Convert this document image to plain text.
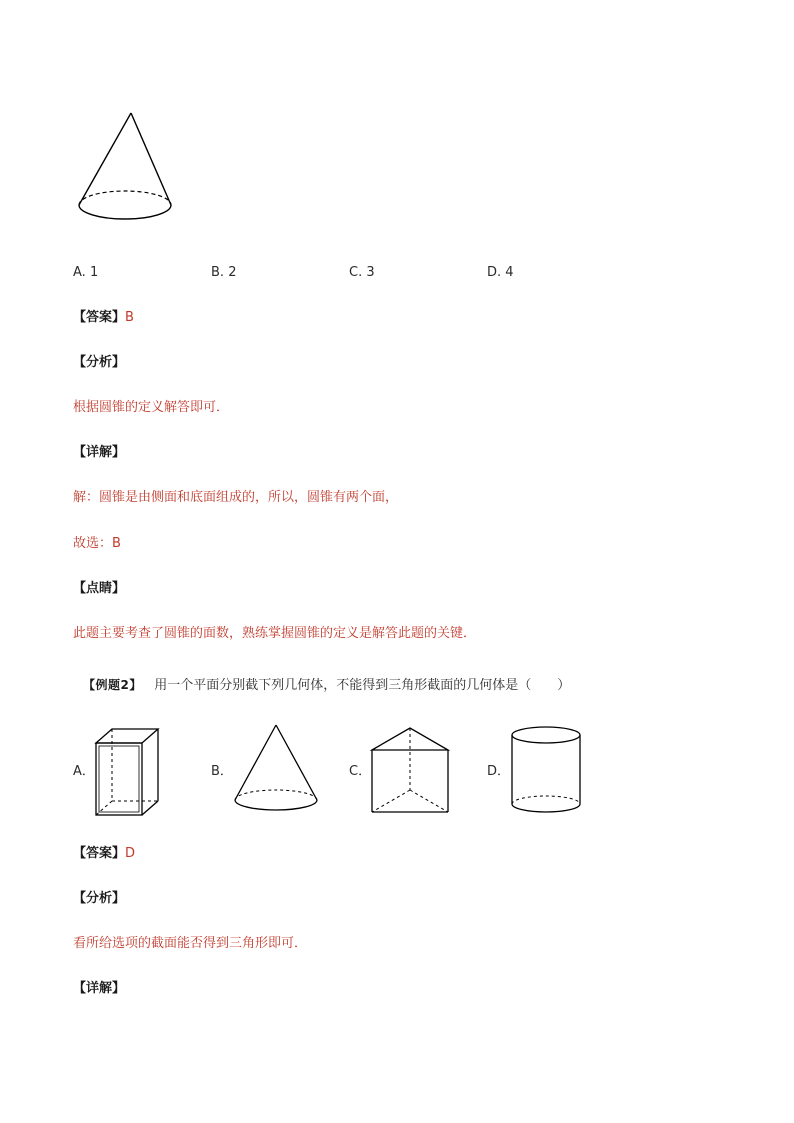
A. 1	B. 2	C. 3	D. 4
【答案】B
【分析】
根据圆锥的定义解答即可．
【详解】
解：圆锥是由侧面和底面组成的，所以，圆锥有两个面，
故选：B
【点睛】
此题主要考查了圆锥的面数，熟练掌握圆锥的定义是解答此题的关键．
【例题2】 用一个平面分别截下列几何体，不能得到三角形截面的几何体是（　　）
A．	B．	C．	D．
【答案】D
【分析】
看所给选项的截面能否得到三角形即可．
【详解】
